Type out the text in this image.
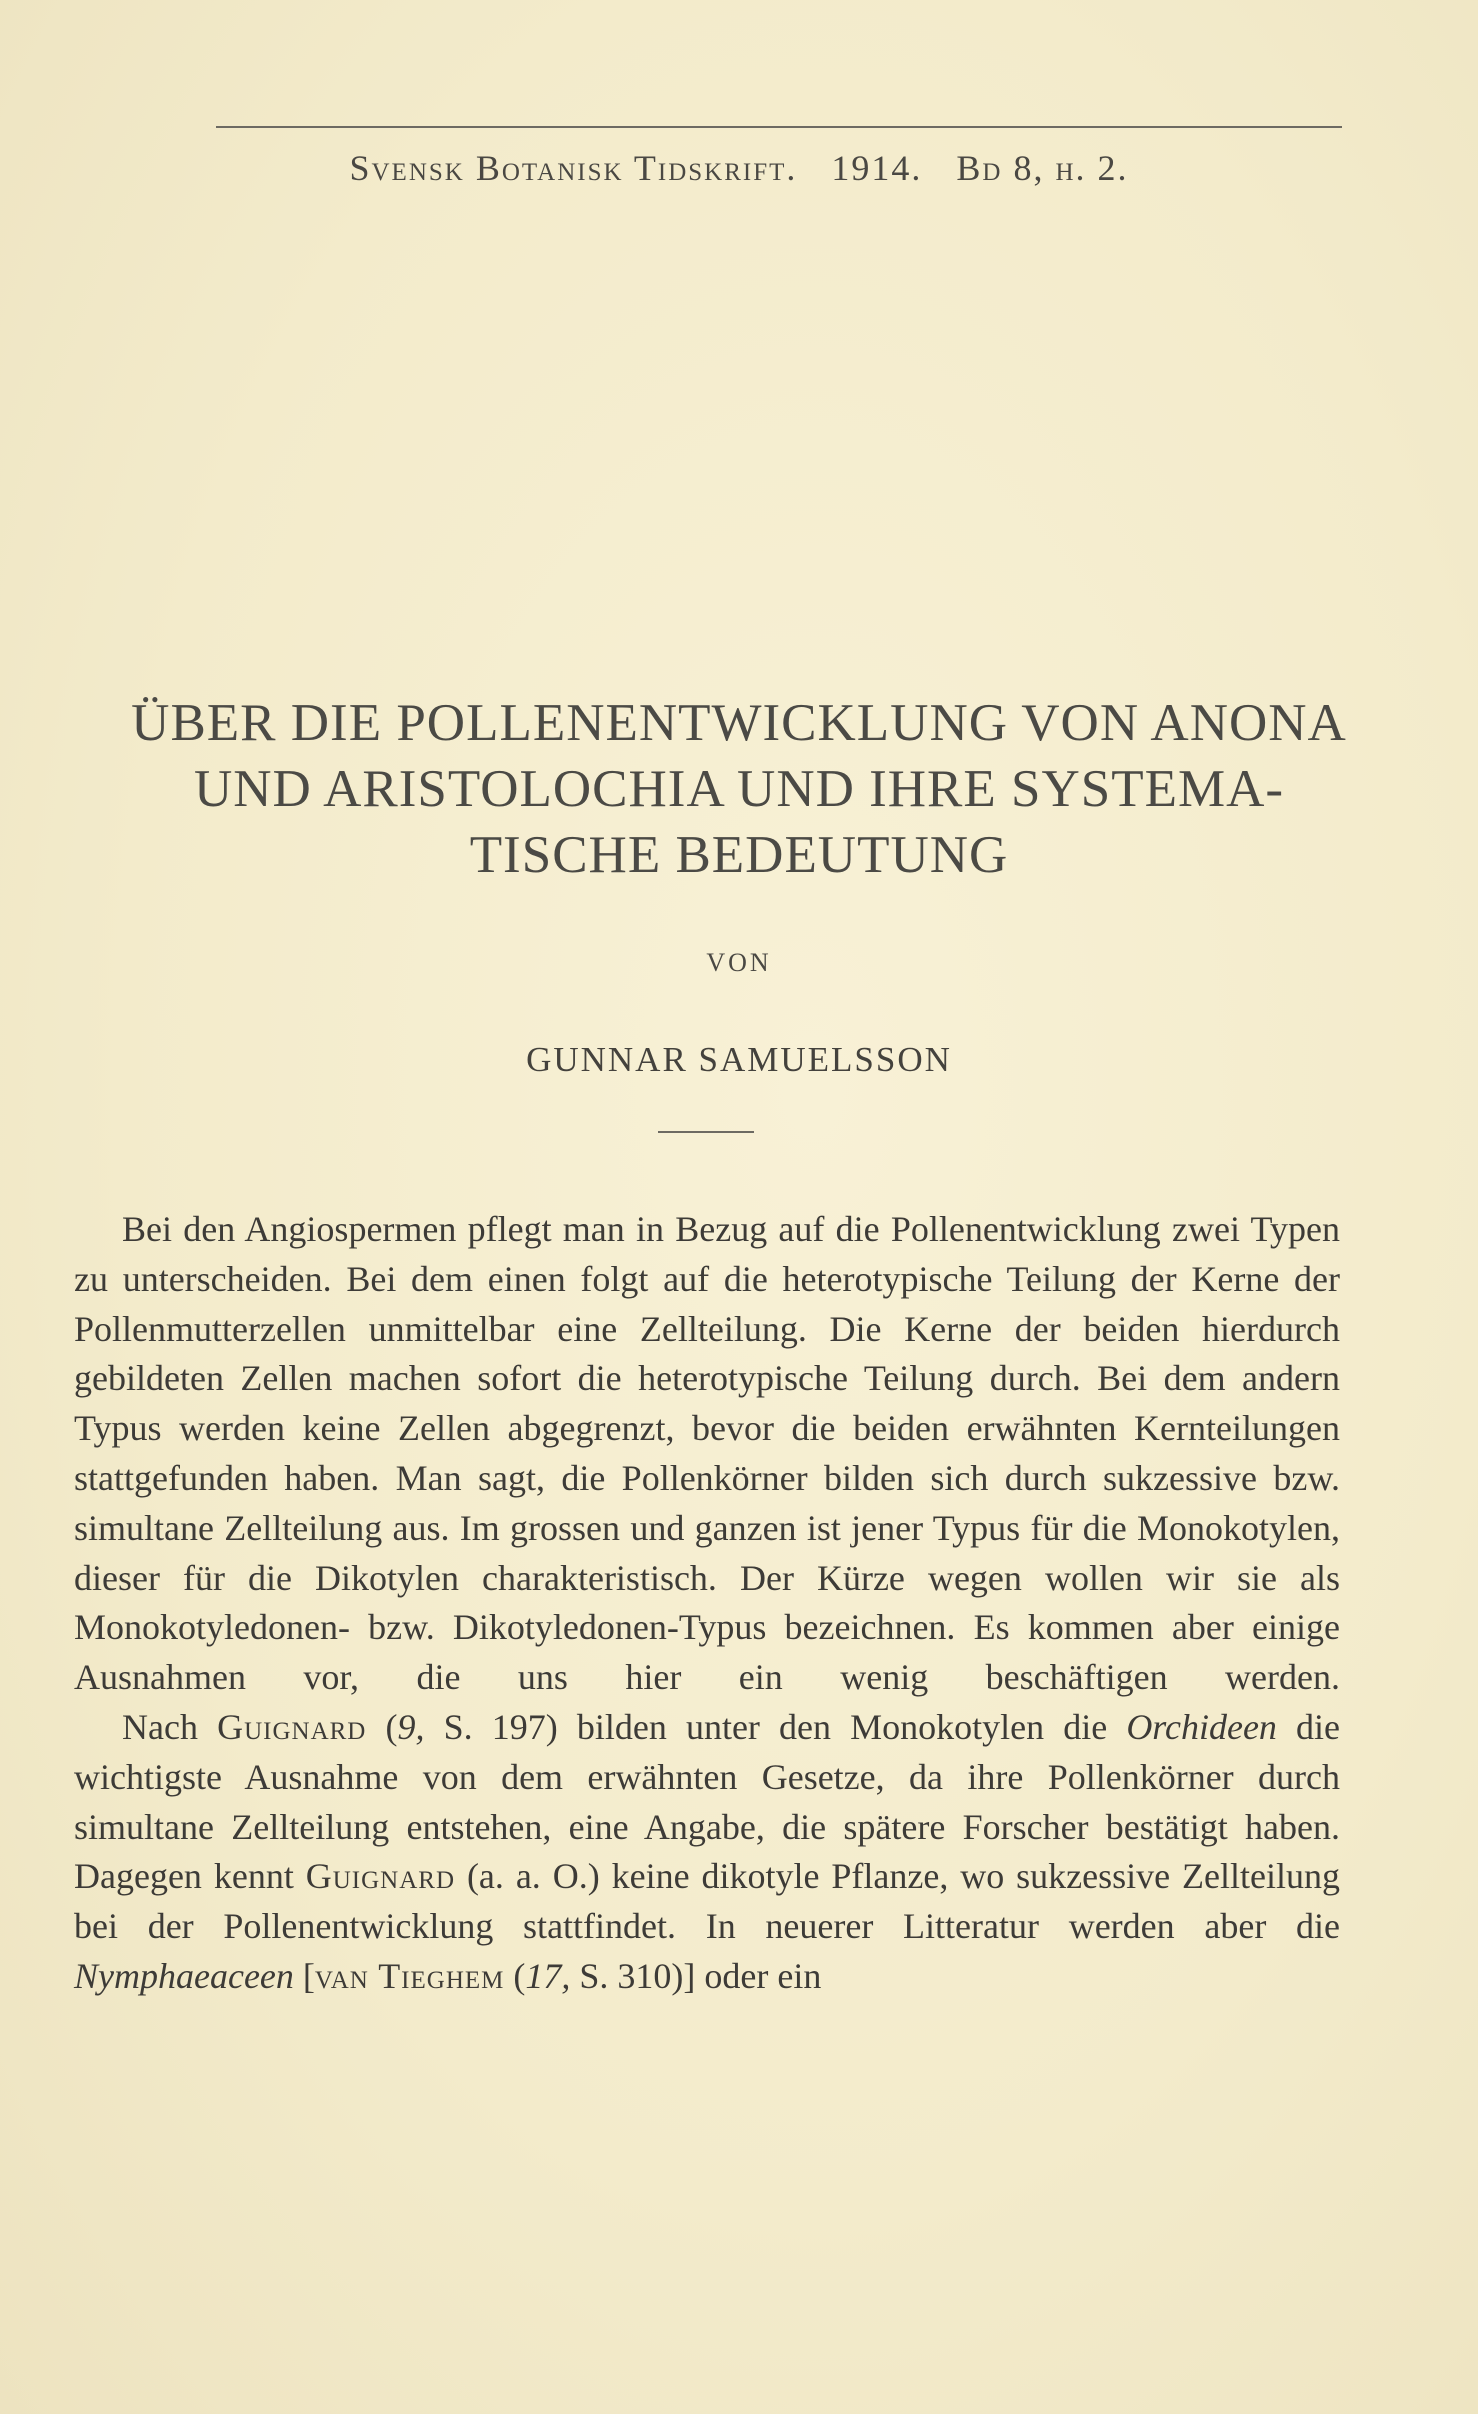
Svensk Botanisk Tidskrift. 1914. Bd 8, h. 2.
ÜBER DIE POLLENENTWICKLUNG VON ANONA
UND ARISTOLOCHIA UND IHRE SYSTEMA-
TISCHE BEDEUTUNG
VON
GUNNAR SAMUELSSON

Bei den Angiospermen pflegt man in Bezug auf die Pollenentwicklung zwei Typen zu unterscheiden. Bei dem einen folgt auf die heterotypische Teilung der Kerne der Pollenmutterzellen unmittelbar eine Zellteilung. Die Kerne der beiden hierdurch gebildeten Zellen machen sofort die heterotypische Teilung durch. Bei dem andern Typus werden keine Zellen abgegrenzt, bevor die beiden erwähnten Kernteilungen stattgefunden haben. Man sagt, die Pollenkörner bilden sich durch sukzessive bzw. simultane Zellteilung aus. Im grossen und ganzen ist jener Typus für die Monokotylen, dieser für die Dikotylen charakteristisch. Der Kürze wegen wollen wir sie als Monokotyledonen- bzw. Dikotyledonen-Typus bezeichnen. Es kommen aber einige Ausnahmen vor, die uns hier ein wenig beschäftigen werden.

Nach Guignard (9, S. 197) bilden unter den Monokotylen die Orchideen die wichtigste Ausnahme von dem erwähnten Gesetze, da ihre Pollenkörner durch simultane Zellteilung entstehen, eine Angabe, die spätere Forscher bestätigt haben. Dagegen kennt Guignard (a. a. O.) keine dikotyle Pflanze, wo sukzessive Zellteilung bei der Pollenentwicklung stattfindet. In neuerer Litteratur werden aber die Nymphaeaceen [van Tieghem (17, S. 310)] oder ein
